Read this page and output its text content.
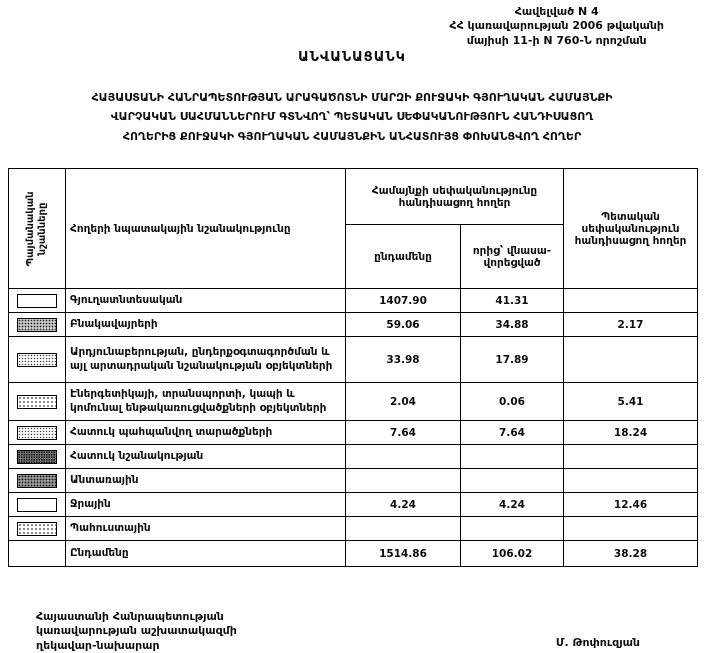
Հավելված N 4
ՀՀ կառավարության 2006 թվականի
մայիսի 11-ի N 760-Ն որոշման
ԱՆՎԱՆԱՑԱՆԿ
ՀԱՅԱՍՏԱՆԻ ՀԱՆՐԱՊԵՏՈՒԹՅԱՆ ԱՐԱԳԱԾՈՏՆԻ ՄԱՐԶԻ ՔՈՒՋԱԿԻ ԳՅՈՒՂԱԿԱՆ ՀԱՄԱՅՆՔԻ
ՎԱՐՉԱԿԱՆ ՍԱՀՄԱՆՆԵՐՈՒՄ ԳՏՆՎՈՂ՝ ՊԵՏԱԿԱՆ ՍԵՓԱԿԱՆՈՒԹՅՈՒՆ ՀԱՆԴԻՍԱՑՈՂ
ՀՈՂԵՐԻՑ ՔՈՒՋԱԿԻ ԳՅՈՒՂԱԿԱՆ ՀԱՄԱՅՆՔԻՆ ԱՆՀԱՏՈՒՅՑ ՓՈԽԱՆՑՎՈՂ ՀՈՂԵՐ
Պայմանական նշանները	Հողերի նպատակային նշանակությունը	Համայնքի սեփականությունը հանդիսացող հողեր		Պետական սեփականություն հանդիսացող հողեր
		ընդամենը	որից՝ վնասավորեցված	

	Գյուղատնտեսական	1407.90	41.31	

	Բնակավայրերի	59.06	34.88	2.17

	Արդյունաբերության, ընդերքօգտագործման և այլ արտադրական նշանակության օբյեկտների	33.98	17.89	

	Էներգետիկայի, տրանսպորտի, կապի և կոմունալ ենթակառուցվածքների օբյեկտների	2.04	0.06	5.41

	Հատուկ պահպանվող տարածքների	7.64	7.64	18.24

	Հատուկ նշանակության			

	Անտառային			

	Ջրային	4.24	4.24	12.46

	Պահուստային			
	Ընդամենը	1514.86	106.02	38.28
Հայաստանի Հանրապետության
կառավարության աշխատակազմի
ղեկավար-նախարար	Մ. Թոփուզյան
